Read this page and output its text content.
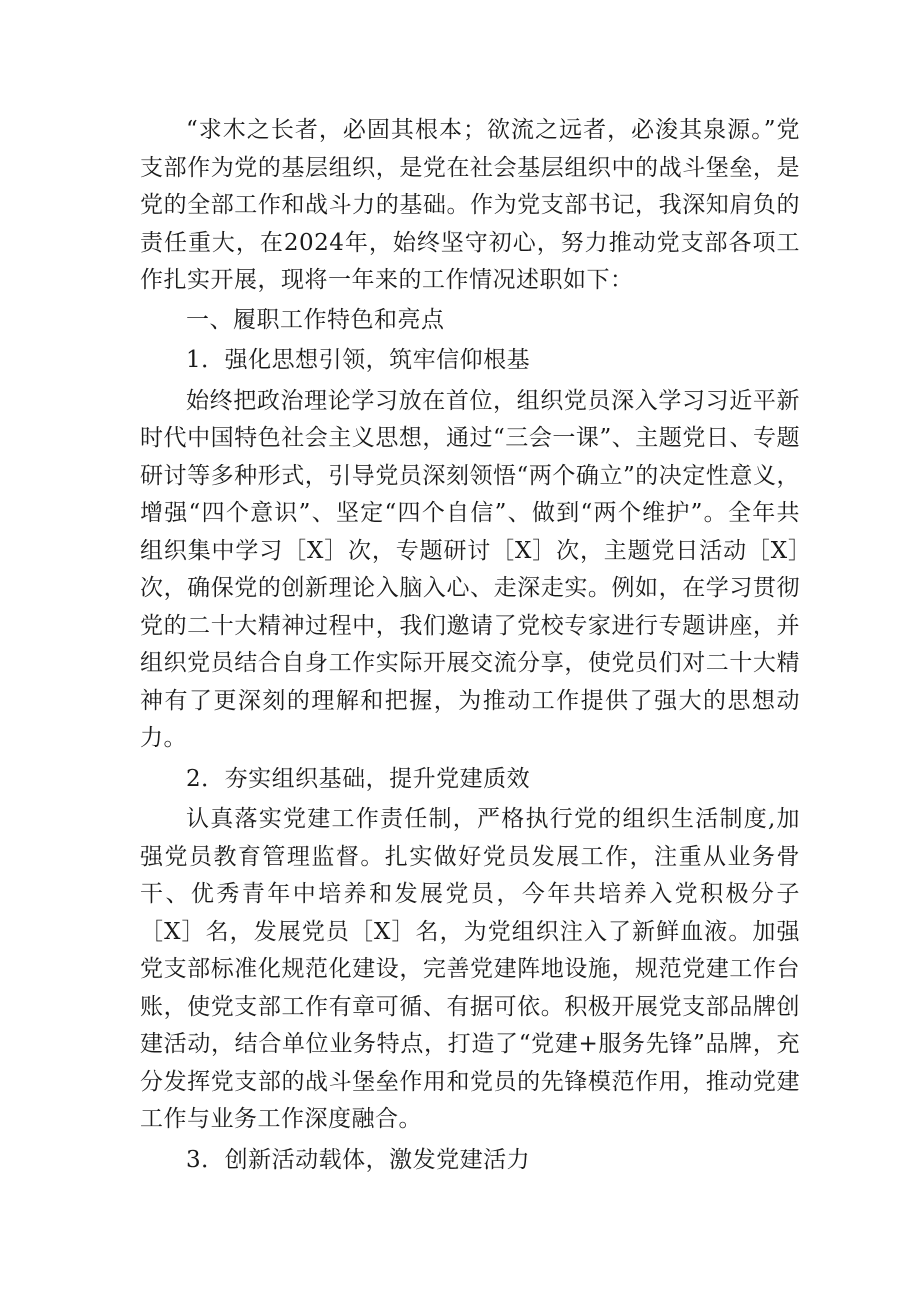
“求木之长者，必固其根本；欲流之远者，必浚其泉源。”党支部作为党的基层组织，是党在社会基层组织中的战斗堡垒，是党的全部工作和战斗力的基础。作为党支部书记，我深知肩负的责任重大，在2024年，始终坚守初心，努力推动党支部各项工作扎实开展，现将一年来的工作情况述职如下：

一、履职工作特色和亮点

1．强化思想引领，筑牢信仰根基

始终把政治理论学习放在首位，组织党员深入学习习近平新时代中国特色社会主义思想，通过“三会一课”、主题党日、专题研讨等多种形式，引导党员深刻领悟“两个确立”的决定性意义，增强“四个意识”、坚定“四个自信”、做到“两个维护”。全年共组织集中学习［X］次，专题研讨［X］次，主题党日活动［X］次，确保党的创新理论入脑入心、走深走实。例如，在学习贯彻党的二十大精神过程中，我们邀请了党校专家进行专题讲座，并组织党员结合自身工作实际开展交流分享，使党员们对二十大精神有了更深刻的理解和把握，为推动工作提供了强大的思想动力。

2．夯实组织基础，提升党建质效

认真落实党建工作责任制，严格执行党的组织生活制度,加强党员教育管理监督。扎实做好党员发展工作，注重从业务骨干、优秀青年中培养和发展党员，今年共培养入党积极分子［X］名，发展党员［X］名，为党组织注入了新鲜血液。加强党支部标准化规范化建设，完善党建阵地设施，规范党建工作台账，使党支部工作有章可循、有据可依。积极开展党支部品牌创建活动，结合单位业务特点，打造了“党建+服务先锋”品牌，充分发挥党支部的战斗堡垒作用和党员的先锋模范作用，推动党建工作与业务工作深度融合。

3．创新活动载体，激发党建活力
